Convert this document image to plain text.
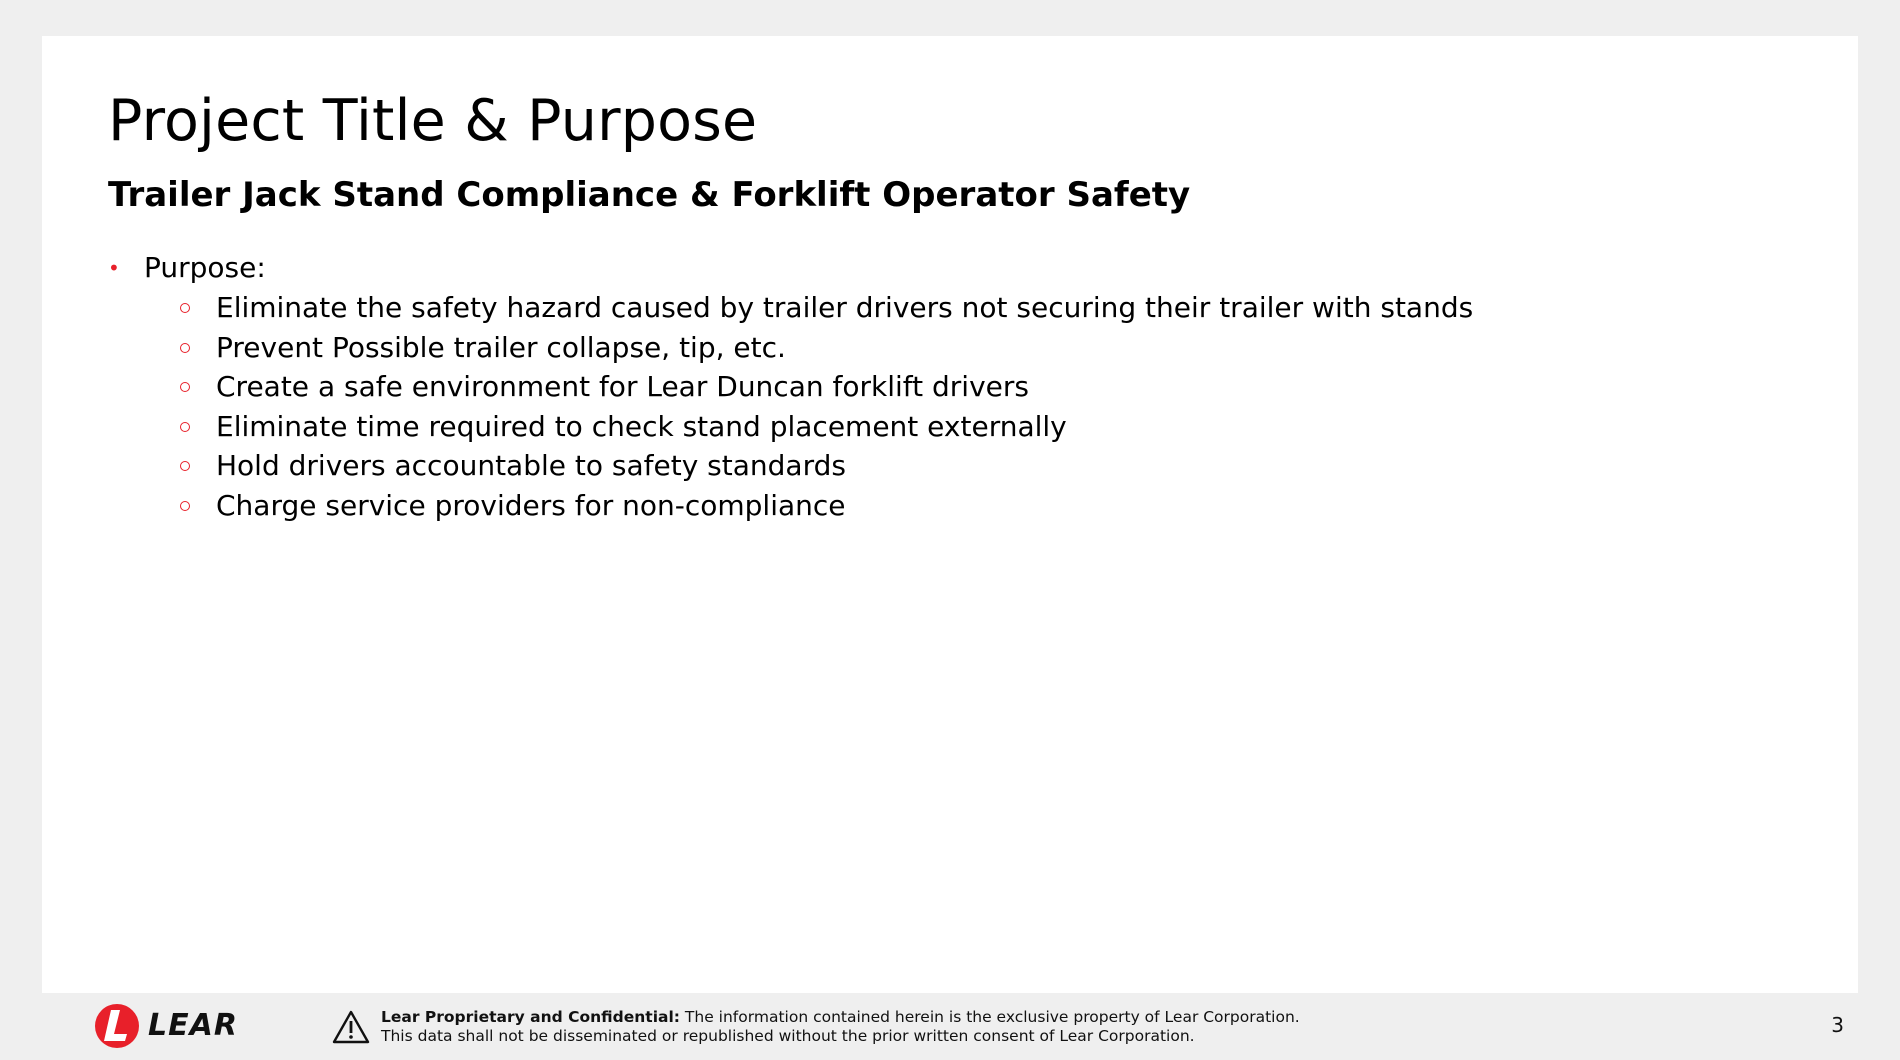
Project Title & Purpose
Trailer Jack Stand Compliance & Forklift Operator Safety
• Purpose:
Eliminate the safety hazard caused by trailer drivers not securing their trailer with stands
Prevent Possible trailer collapse, tip, etc.
Create a safe environment for Lear Duncan forklift drivers
Eliminate time required to check stand placement externally
Hold drivers accountable to safety standards
Charge service providers for non-compliance
LEAR	Lear Proprietary and Confidential: The information contained herein is the exclusive property of Lear Corporation.
This data shall not be disseminated or republished without the prior written consent of Lear Corporation.	3
